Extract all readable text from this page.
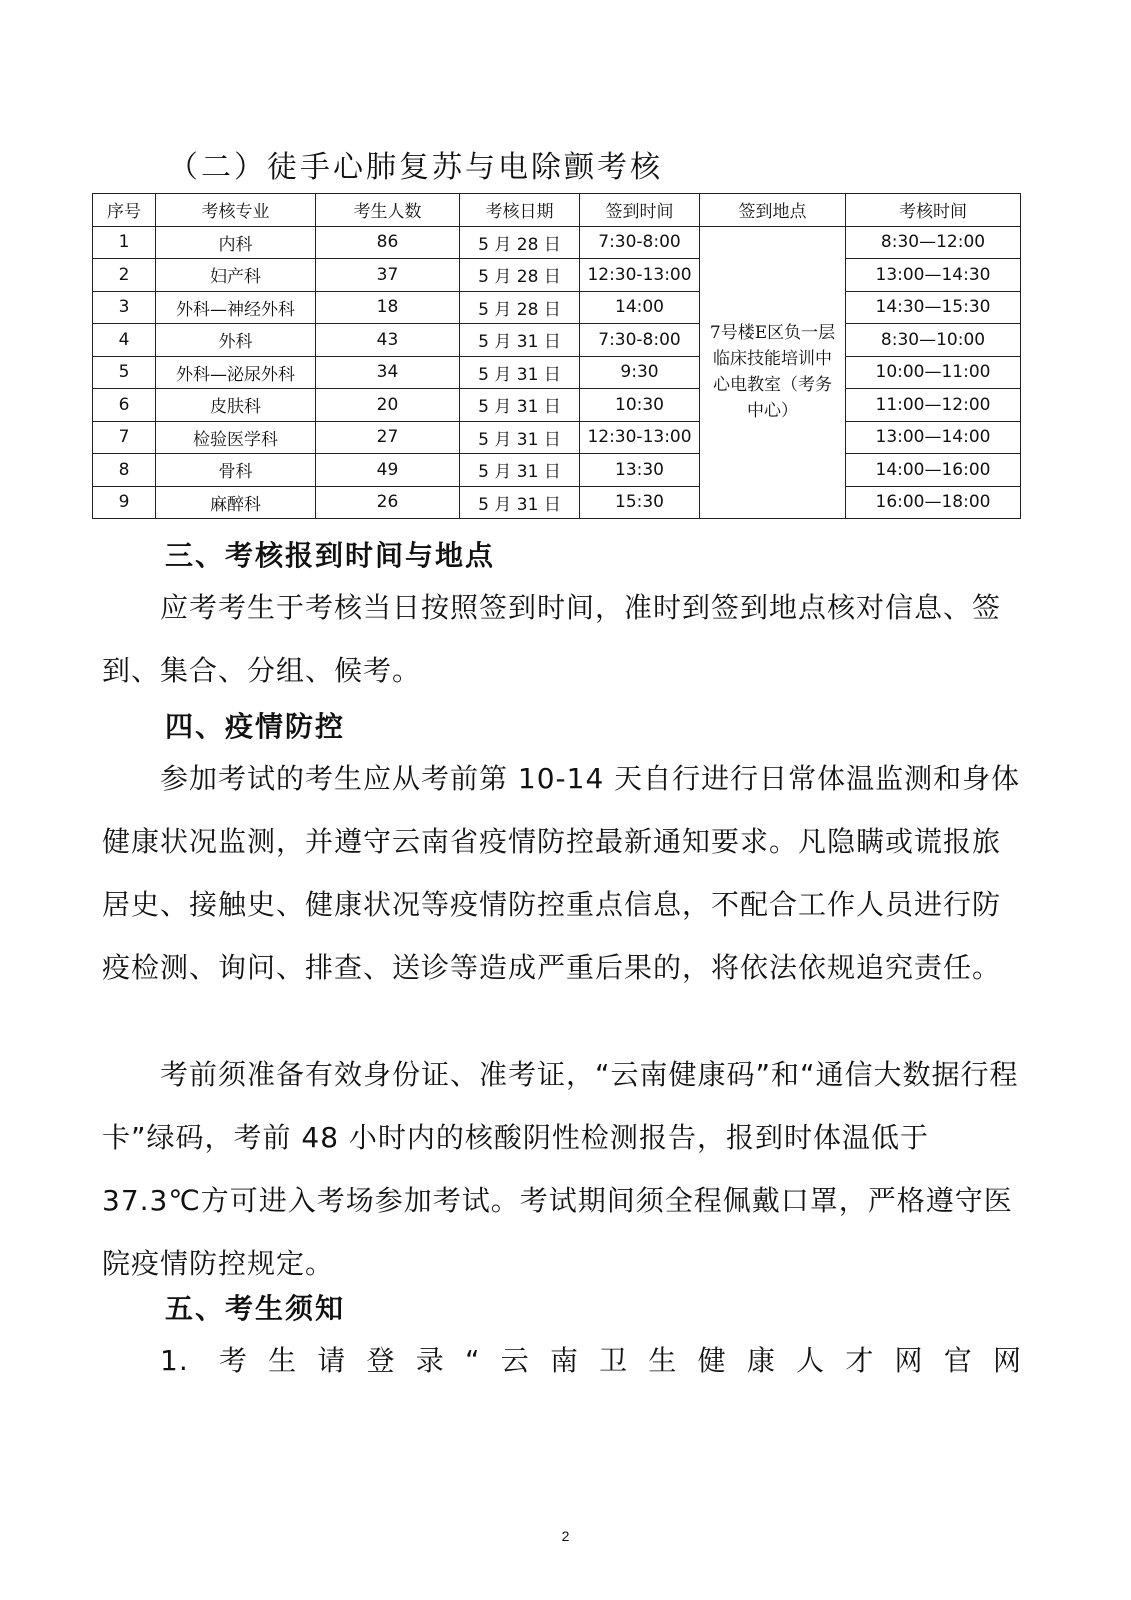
（二）徒手心肺复苏与电除颤考核
序号	考核专业	考生人数	考核日期	签到时间	签到地点	考核时间
1	内科	86	5 月 28 日	7:30-8:00	7号楼E区负一层临床技能培训中心电教室（考务中心）	8:30—12:00
2	妇产科	37	5 月 28 日	12:30-13:00		13:00—14:30
3	外科—神经外科	18	5 月 28 日	14:00		14:30—15:30
4	外科	43	5 月 31 日	7:30-8:00		8:30—10:00
5	外科—泌尿外科	34	5 月 31 日	9:30		10:00—11:00
6	皮肤科	20	5 月 31 日	10:30		11:00—12:00
7	检验医学科	27	5 月 31 日	12:30-13:00		13:00—14:00
8	骨科	49	5 月 31 日	13:30		14:00—16:00
9	麻醉科	26	5 月 31 日	15:30		16:00—18:00
三、考核报到时间与地点
应考考生于考核当日按照签到时间，准时到签到地点核对信息、签到、集合、分组、候考。
四、疫情防控
参加考试的考生应从考前第 10-14 天自行进行日常体温监测和身体健康状况监测，并遵守云南省疫情防控最新通知要求。凡隐瞒或谎报旅居史、接触史、健康状况等疫情防控重点信息，不配合工作人员进行防疫检测、询问、排查、送诊等造成严重后果的，将依法依规追究责任。
考前须准备有效身份证、准考证，“云南健康码”和“通信大数据行程卡”绿码，考前 48 小时内的核酸阴性检测报告，报到时体温低于 37.3℃方可进入考场参加考试。考试期间须全程佩戴口罩，严格遵守医院疫情防控规定。
五、考生须知
1. 考生请登录“云南卫生健康人才网官网
2
